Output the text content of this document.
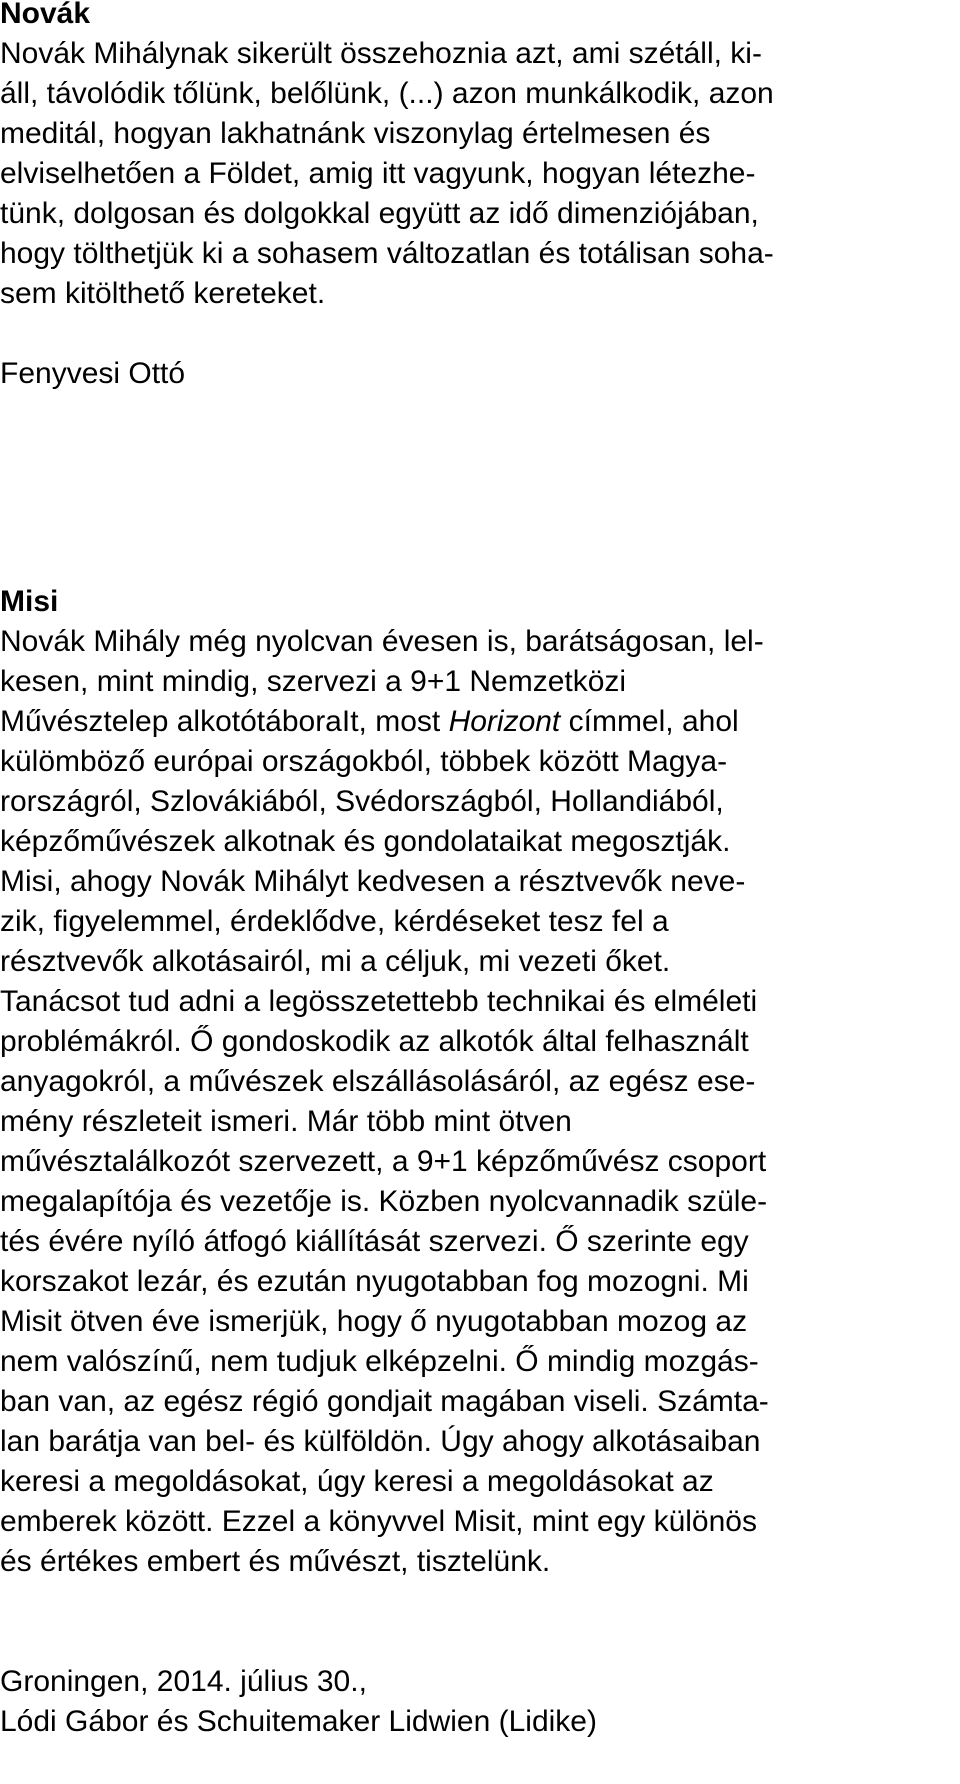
Novák
Novák Mihálynak sikerült összehoznia azt, ami szétáll, ki-
áll, távolódik tőlünk, belőlünk, (...) azon munkálkodik, azon
meditál, hogyan lakhatnánk viszonylag értelmesen és
elviselhetően a Földet, amig itt vagyunk, hogyan létezhe-
tünk, dolgosan és dolgokkal együtt az idő dimenziójában,
hogy tölthetjük ki a sohasem változatlan és totálisan soha-
sem kitölthető kereteket.
Fenyvesi Ottó
Misi
Novák Mihály még nyolcvan évesen is, barátságosan, lel-
kesen, mint mindig, szervezi a 9+1 Nemzetközi
Művésztelep alkotótáboraIt, most Horizont címmel, ahol
külömböző európai országokból, többek között Magya-
rországról, Szlovákiából, Svédországból, Hollandiából,
képzőművészek alkotnak és gondolataikat megosztják.
Misi, ahogy Novák Mihályt kedvesen a résztvevők neve-
zik, figyelemmel, érdeklődve, kérdéseket tesz fel a
résztvevők alkotásairól, mi a céljuk, mi vezeti őket.
Tanácsot tud adni a legösszetettebb technikai és elméleti
problémákról. Ő gondoskodik az alkotók által felhasznált
anyagokról, a művészek elszállásolásáról, az egész ese-
mény részleteit ismeri. Már több mint ötven
művésztalálkozót szervezett, a 9+1 képzőművész csoport
megalapítója és vezetője is. Közben nyolcvannadik szüle-
tés évére nyíló átfogó kiállítását szervezi. Ő szerinte egy
korszakot lezár, és ezután nyugotabban fog mozogni. Mi
Misit ötven éve ismerjük, hogy ő nyugotabban mozog az
nem valószínű, nem tudjuk elképzelni. Ő mindig mozgás-
ban van, az egész régió gondjait magában viseli. Számta-
lan barátja van bel- és külföldön. Úgy ahogy alkotásaiban
keresi a megoldásokat, úgy keresi a megoldásokat az
emberek között. Ezzel a könyvvel Misit, mint egy különös
és értékes embert és művészt, tisztelünk.
Groningen, 2014. július 30.,
Lódi Gábor és Schuitemaker Lidwien (Lidike)
